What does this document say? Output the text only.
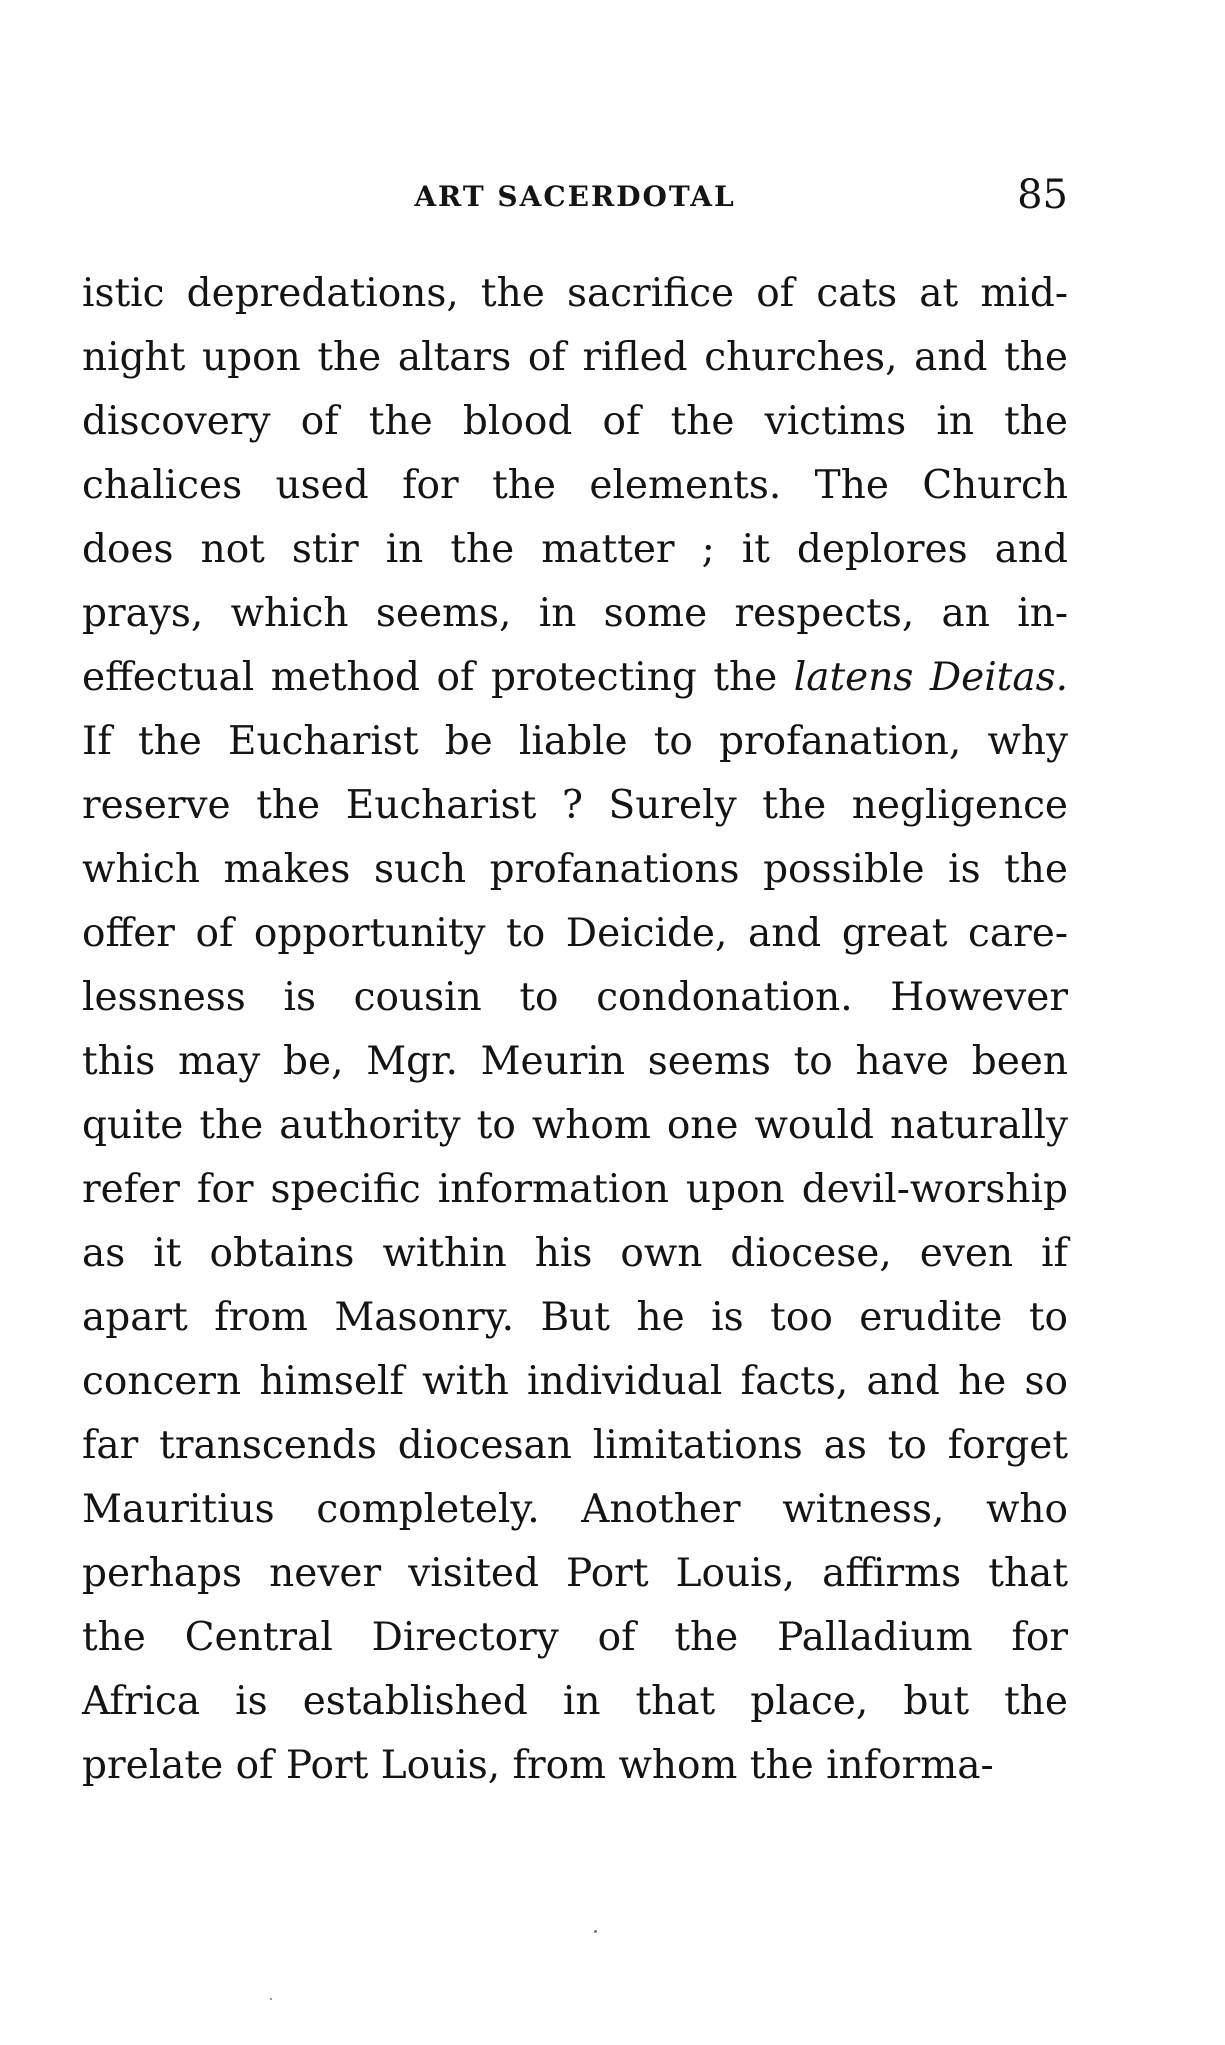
ART SACERDOTAL	85
istic depredations, the sacrifice of cats at mid-
night upon the altars of rifled churches, and the
discovery of the blood of the victims in the
chalices used for the elements. The Church
does not stir in the matter ; it deplores and
prays, which seems, in some respects, an in-
effectual method of protecting the latens Deitas.
If the Eucharist be liable to profanation, why
reserve the Eucharist ? Surely the negligence
which makes such profanations possible is the
offer of opportunity to Deicide, and great care-
lessness is cousin to condonation. However
this may be, Mgr. Meurin seems to have been
quite the authority to whom one would naturally
refer for specific information upon devil-worship
as it obtains within his own diocese, even if
apart from Masonry. But he is too erudite to
concern himself with individual facts, and he so
far transcends diocesan limitations as to forget
Mauritius completely. Another witness, who
perhaps never visited Port Louis, affirms that
the Central Directory of the Palladium for
Africa is established in that place, but the
prelate of Port Louis, from whom the informa-
